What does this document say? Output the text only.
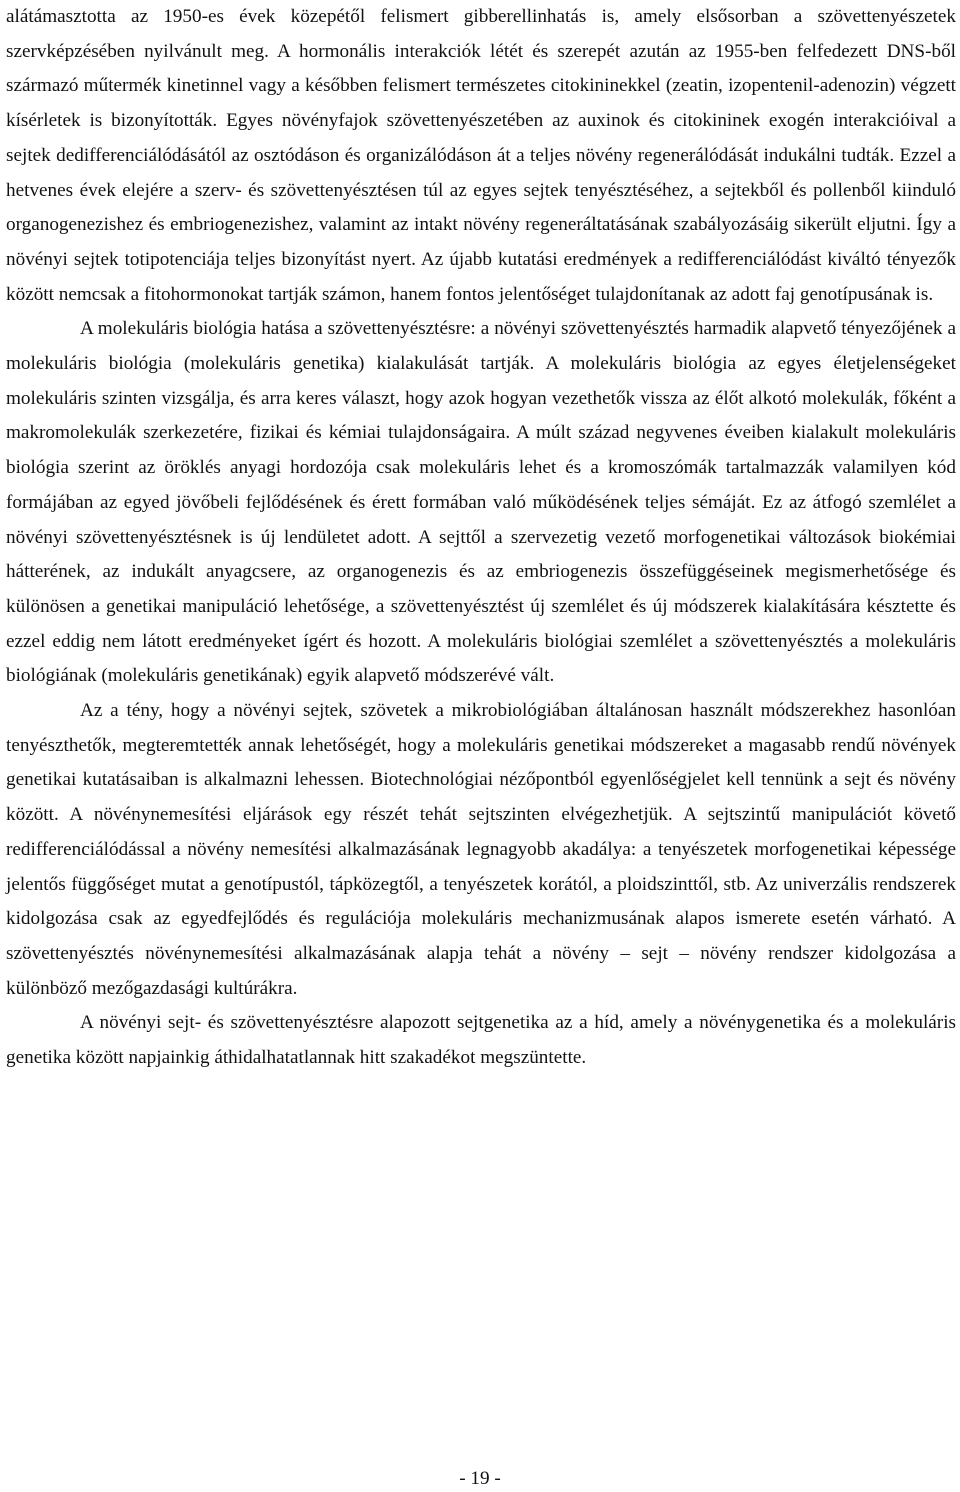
alátámasztotta az 1950-es évek közepétől felismert gibberellinhatás is, amely elsősorban a szövettenyészetek szervképzésében nyilvánult meg. A hormonális interakciók létét és szerepét azután az 1955-ben felfedezett DNS-ből származó műtermék kinetinnel vagy a későbben felismert természetes citokininekkel (zeatin, izopentenil-adenozin) végzett kísérletek is bizonyították. Egyes növényfajok szövettenyészetében az auxinok és citokininek exogén interakcióival a sejtek dedifferenciálódásától az osztódáson és organizálódáson át a teljes növény regenerálódását indukálni tudták. Ezzel a hetvenes évek elejére a szerv- és szövettenyésztésen túl az egyes sejtek tenyésztéséhez, a sejtekből és pollenből kiinduló organogenezishez és embriogenezishez, valamint az intakt növény regeneráltatásának szabályozásáig sikerült eljutni. Így a növényi sejtek totipotenciája teljes bizonyítást nyert. Az újabb kutatási eredmények a redifferenciálódást kiváltó tényezők között nemcsak a fitohormonokat tartják számon, hanem fontos jelentőséget tulajdonítanak az adott faj genotípusának is.

A molekuláris biológia hatása a szövettenyésztésre: a növényi szövettenyésztés harmadik alapvető tényezőjének a molekuláris biológia (molekuláris genetika) kialakulását tartják. A molekuláris biológia az egyes életjelenségeket molekuláris szinten vizsgálja, és arra keres választ, hogy azok hogyan vezethetők vissza az élőt alkotó molekulák, főként a makromolekulák szerkezetére, fizikai és kémiai tulajdonságaira. A múlt század negyvenes éveiben kialakult molekuláris biológia szerint az öröklés anyagi hordozója csak molekuláris lehet és a kromoszómák tartalmazzák valamilyen kód formájában az egyed jövőbeli fejlődésének és érett formában való működésének teljes sémáját. Ez az átfogó szemlélet a növényi szövettenyésztésnek is új lendületet adott. A sejttől a szervezetig vezető morfogenetikai változások biokémiai hátterének, az indukált anyagcsere, az organogenezis és az embriogenezis összefüggéseinek megismerhetősége és különösen a genetikai manipuláció lehetősége, a szövettenyésztést új szemlélet és új módszerek kialakítására késztette és ezzel eddig nem látott eredményeket ígért és hozott. A molekuláris biológiai szemlélet a szövettenyésztés a molekuláris biológiának (molekuláris genetikának) egyik alapvető módszerévé vált.

Az a tény, hogy a növényi sejtek, szövetek a mikrobiológiában általánosan használt módszerekhez hasonlóan tenyészthetők, megteremtették annak lehetőségét, hogy a molekuláris genetikai módszereket a magasabb rendű növények genetikai kutatásaiban is alkalmazni lehessen. Biotechnológiai nézőpontból egyenlőségjelet kell tennünk a sejt és növény között. A növénynemesítési eljárások egy részét tehát sejtszinten elvégezhetjük. A sejtszintű manipulációt követő redifferenciálódással a növény nemesítési alkalmazásának legnagyobb akadálya: a tenyészetek morfogenetikai képessége jelentős függőséget mutat a genotípustól, tápközegtől, a tenyészetek korától, a ploidszinttől, stb. Az univerzális rendszerek kidolgozása csak az egyedfejlődés és regulációja molekuláris mechanizmusának alapos ismerete esetén várható. A szövettenyésztés növénynemesítési alkalmazásának alapja tehát a növény – sejt – növény rendszer kidolgozása a különböző mezőgazdasági kultúrákra.

A növényi sejt- és szövettenyésztésre alapozott sejtgenetika az a híd, amely a növénygenetika és a molekuláris genetika között napjainkig áthidalhatatlannak hitt szakadékot megszüntette.

- 19 -
